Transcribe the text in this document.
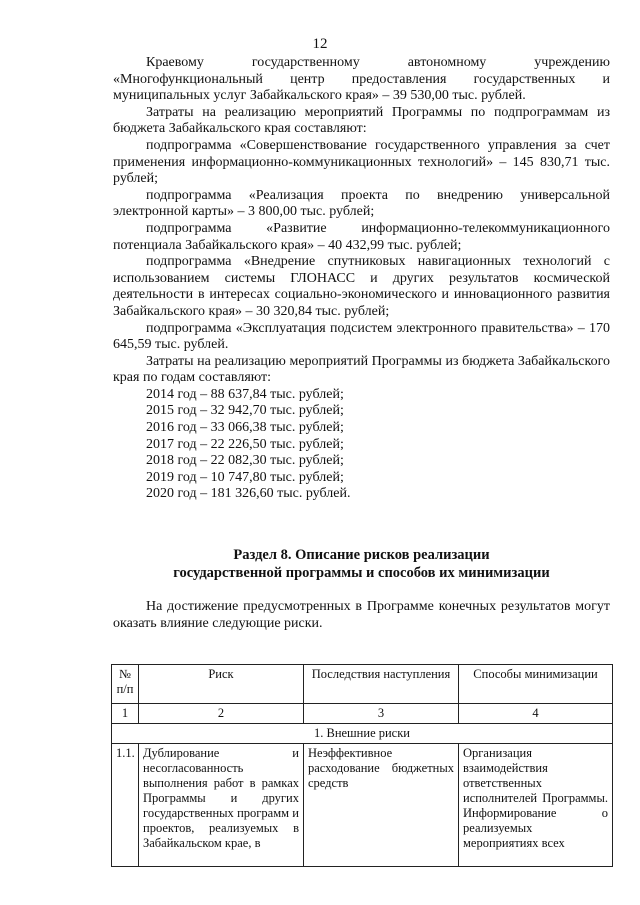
12

Краевому государственному автономному учреждению «Многофункциональный центр предоставления государственных и муниципальных услуг Забайкальского края» – 39 530,00 тыс. рублей.

Затраты на реализацию мероприятий Программы по подпрограммам из бюджета Забайкальского края составляют:

подпрограмма «Совершенствование государственного управления за счет применения информационно-коммуникационных технологий» – 145 830,71 тыс. рублей;

подпрограмма «Реализация проекта по внедрению универсальной электронной карты» – 3 800,00 тыс. рублей;

подпрограмма «Развитие информационно-телекоммуникационного потенциала Забайкальского края» – 40 432,99 тыс. рублей;

подпрограмма «Внедрение спутниковых навигационных технологий с использованием системы ГЛОНАСС и других результатов космической деятельности в интересах социально-экономического и инновационного развития Забайкальского края» – 30 320,84 тыс. рублей;

подпрограмма «Эксплуатация подсистем электронного правительства» – 170 645,59 тыс. рублей.

Затраты на реализацию мероприятий Программы из бюджета Забайкальского края по годам составляют:

2014 год – 88 637,84 тыс. рублей;
2015 год – 32 942,70 тыс. рублей;
2016 год – 33 066,38 тыс. рублей;
2017 год – 22 226,50 тыс. рублей;
2018 год – 22 082,30 тыс. рублей;
2019 год – 10 747,80 тыс. рублей;
2020 год – 181 326,60 тыс. рублей.
Раздел 8. Описание рисков реализации
государственной программы и способов их минимизации

На достижение предусмотренных в Программе конечных результатов могут оказать влияние следующие риски.

№ п/п	Риск	Последствия наступления	Способы минимизации
1	2	3	4
1. Внешние риски			
1.1.	Дублирование и несогласованность выполнения работ в рамках Программы и других государственных программ и проектов, реализуемых в Забайкальском крае, в	Неэффективное расходование бюджетных средств	Организация взаимодействия ответственных исполнителей Программы. Информирование о реализуемых мероприятиях всех
